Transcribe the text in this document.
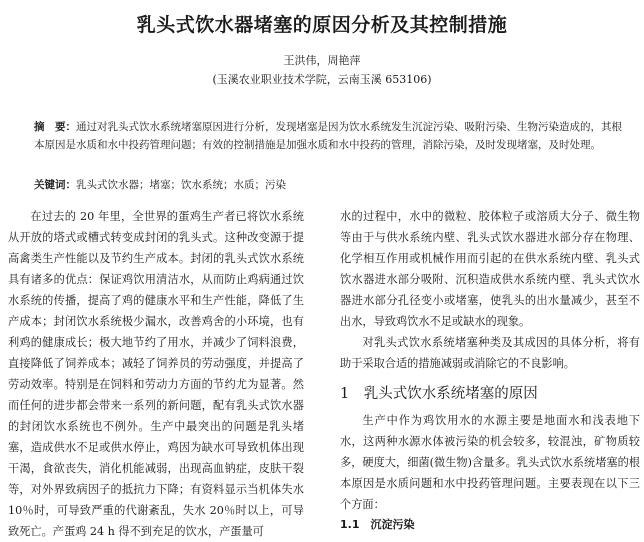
乳头式饮水器堵塞的原因分析及其控制措施
王洪伟，周艳萍
(玉溪农业职业技术学院，云南玉溪 653106)
摘　要：通过对乳头式饮水系统堵塞原因进行分析，发现堵塞是因为饮水系统发生沉淀污染、吸附污染、生物污染造成的，其根本原因是水质和水中投药管理问题；有效的控制措施是加强水质和水中投药的管理，消除污染，及时发现堵塞，及时处理。
关键词：乳头式饮水器；堵塞；饮水系统；水质；污染

在过去的 20 年里，全世界的蛋鸡生产者已将饮水系统从开放的塔式或槽式转变成封闭的乳头式。这种改变源于提高禽类生产性能以及节约生产成本。封闭的乳头式饮水系统具有诸多的优点：保证鸡饮用清洁水，从而防止鸡病通过饮水系统的传播，提高了鸡的健康水平和生产性能，降低了生产成本；封闭饮水系统极少漏水，改善鸡舍的小环境，也有利鸡的健康成长；极大地节约了用水，并减少了饲料浪费，直接降低了饲养成本；减轻了饲养员的劳动强度，并提高了劳动效率。特别是在饲料和劳动力方面的节约尤为显著。然而任何的进步都会带来一系列的新问题，配有乳头式饮水器的封闭饮水系统也不例外。生产中最突出的问题是乳头堵塞，造成供水不足或供水停止，鸡因为缺水可导致机体出现干渴，食欲丧失，消化机能减弱，出现高血钠症，皮肤干裂等，对外界致病因子的抵抗力下降；有资料显示当机体失水 10％时，可导致严重的代谢紊乱，失水 20％时以上，可导致死亡。产蛋鸡 24 h 得不到充足的饮水，产蛋量可

水的过程中，水中的微粒、胶体粒子或溶质大分子、微生物等由于与供水系统内壁、乳头式饮水器进水部分存在物理、化学相互作用或机械作用而引起的在供水系统内壁、乳头式饮水器进水部分吸附、沉积造成供水系统内壁、乳头式饮水器进水部分孔径变小或堵塞，使乳头的出水量减少，甚至不出水，导致鸡饮水不足或缺水的现象。

对乳头式饮水系统堵塞种类及其成因的具体分析，将有助于采取合适的措施减弱或消除它的不良影响。

1　乳头式饮水系统堵塞的原因

生产中作为鸡饮用水的水源主要是地面水和浅表地下水，这两种水源水体被污染的机会较多，较混浊，矿物质较多，硬度大，细菌(微生物)含量多。乳头式饮水系统堵塞的根本原因是水质问题和水中投药管理问题。主要表现在以下三个方面：

1.1　沉淀污染
